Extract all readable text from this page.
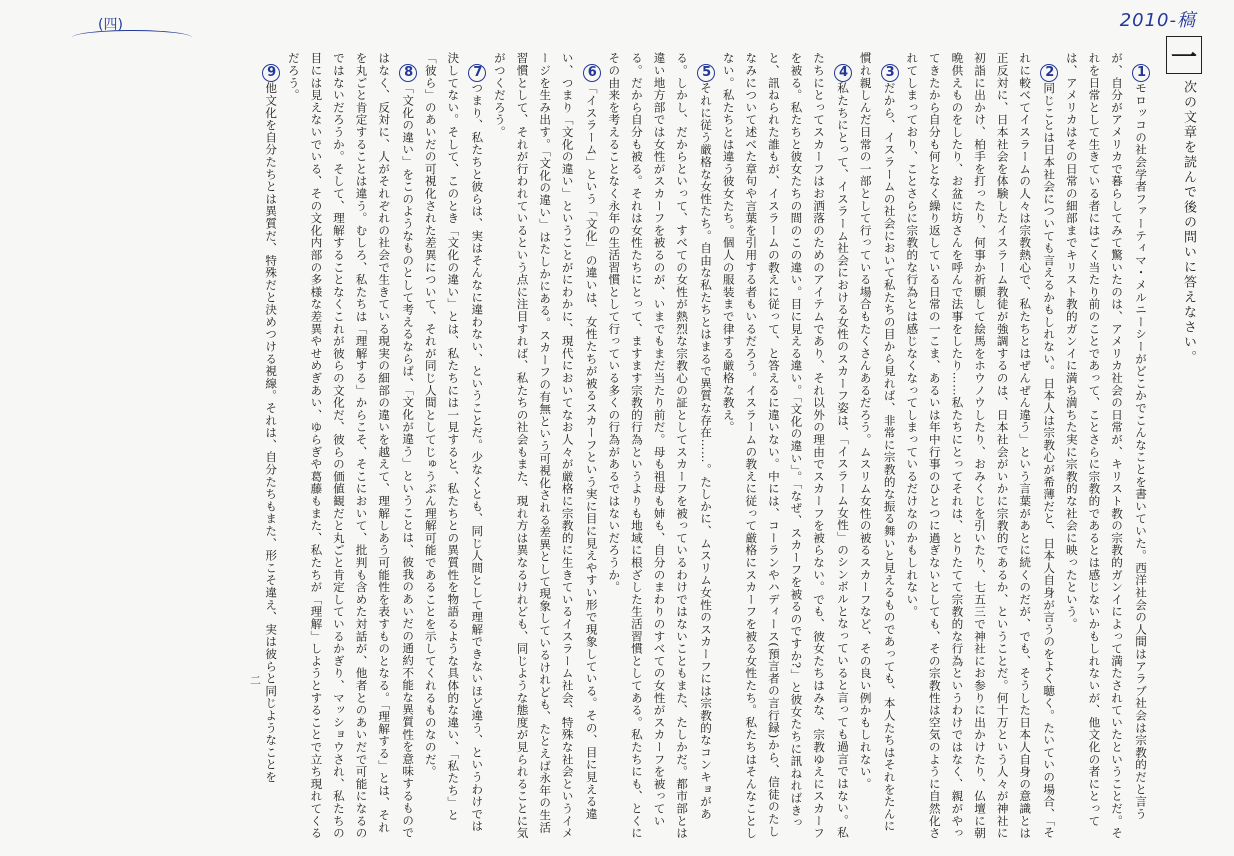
2010-稿
一
次の文章を読んで後の問いに答えなさい。
(四)

1モロッコの社会学者ファーティマ・メルニーシーがどこかでこんなことを書いていた。西洋社会の人間はアラブ社会は宗教的だと言うが、自分がアメリカで暮らしてみて驚いたのは、アメリカ社会の日常が、キリスト教の宗教的ガンイによって満たされていたということだ。それを日常として生きている者にはごく当たり前のことであって、ことさらに宗教的であるとは感じないかもしれないが、他文化の者にとっては、アメリカはその日常の細部までキリスト教的ガンイに満ち満ちた実に宗教的な社会に映ったという。

2同じことは日本社会についても言えるかもしれない。日本人は宗教心が希薄だと、日本人自身が言うのをよく聴く。たいていの場合、「それに較べてイスラームの人々は宗教熱心で、私たちとはぜんぜん違う」という言葉があとに続くのだが、でも、そうした日本人自身の意識とは正反対に、日本社会を体験したイスラーム教徒が強調するのは、日本社会がいかに宗教的であるか、ということだ。何十万という人々が神社に初詣に出かけ、柏手を打ったり、何事か祈願して絵馬をホウノウしたり、おみくじを引いたり、七五三で神社にお参りに出かけたり、仏壇に朝晩供えものをしたり、お盆に坊さんを呼んで法事をしたり……私たちにとってそれは、とりたてて宗教的な行為というわけではなく、親がやってきたから自分も何となく繰り返している日常の一こま、あるいは年中行事のひとつに過ぎないとしても、その宗教性は空気のように自然化されてしまっており、ことさらに宗教的な行為とは感じなくなってしまっているだけなのかもしれない。

3だから、イスラームの社会において私たちの目から見れば、非常に宗教的な振る舞いと見えるものであっても、本人たちはそれをたんに慣れ親しんだ日常の一部として行っている場合もたくさんあるだろう。ムスリム女性の被るスカーフなど、その良い例かもしれない。

4私たちにとって、イスラーム社会における女性のスカーフ姿は、「イスラーム女性」のシンボルとなっていると言っても過言ではない。私たちにとってスカーフはお洒落のためのアイテムであり、それ以外の理由でスカーフを被らない。でも、彼女たちはみな、宗教ゆえにスカーフを被る。私たちと彼女たちの間のこの違い。目に見える違い。「文化の違い」。「なぜ、スカーフを被るのですか?」と彼女たちに訊ねればきっと、訊ねられた誰もが、イスラームの教えに従って、と答えるに違いない。中には、コーランやハディース(預言者の言行録)から、信徒のたしなみについて述べた章句や言葉を引用する者もいるだろう。イスラームの教えに従って厳格にスカーフを被る女性たち。私たちはそんなことしない。私たちとは違う彼女たち。個人の服装まで律する厳格な教え。

5それに従う厳格な女性たち。自由な私たちとはまるで異質な存在……。たしかに、ムスリム女性のスカーフには宗教的なコンキョがある。しかし、だからといって、すべての女性が熱烈な宗教心の証としてスカーフを被っているわけではないこともまた、たしかだ。都市部とは違い地方部では女性がスカーフを被るのが、いまでもまだ当たり前だ。母も祖母も姉も、自分のまわりのすべての女性がスカーフを被っている。だから自分も被る。それは女性たちにとって、ますます宗教的行為というよりも地域に根ざした生活習慣としてある。私たちにも、とくにその由来を考えることなく永年の生活習慣として行っている多くの行為があるではないだろうか。

6「イスラーム」という「文化」の違いは、女性たちが被るスカーフという実に目に見えやすい形で現象している。その、目に見える違い、つまり「文化の違い」ということがにわかに、現代においてなお人々が厳格に宗教的に生きているイスラーム社会、特殊な社会というイメージを生み出す。「文化の違い」はたしかにある。スカーフの有無という可視化される差異として現象しているけれども、たとえば永年の生活習慣として、それが行われているという点に注目すれば、私たちの社会もまた、現れ方は異なるけれども、同じような態度が見られることに気がつくだろう。

7つまり、私たちと彼らは、実はそんなに違わない、ということだ。少なくとも、同じ人間として理解できないほど違う、というわけでは決してない。そして、このとき「文化の違い」とは、私たちには一見すると、私たちとの異質性を物語るような具体的な違い、「私たち」と「彼ら」のあいだの可視化された差異について、それが同じ人間としてじゅうぶん理解可能であることを示してくれるものなのだ。

8「文化の違い」をこのようなものとして考えるならば、「文化が違う」ということは、彼我のあいだの通約不能な異質性を意味するものではなく、反対に、人がそれぞれの社会で生きている現実の細部の違いを越えて、理解しあう可能性を表すものとなる。「理解する」とは、それを丸ごと肯定することは違う。むしろ、私たちは「理解する」からこそ、そこにおいて、批判も含めた対話が、他者とのあいだで可能になるのではないだろうか。そして、理解することなくこれが彼らの文化だ、彼らの価値観だと丸ごと肯定しているかぎり、マッショウされ、私たちの目には見えないでいる、その文化内部の多様な差異やせめぎあい、ゆらぎや葛藤もまた、私たちが「理解」しようとすることで立ち現れてくるだろう。

9他文化を自分たちとは異質だ、特殊だと決めつける視線。それは、自分たちもまた、形こそ違え、実は彼らと同じようなことを

二
